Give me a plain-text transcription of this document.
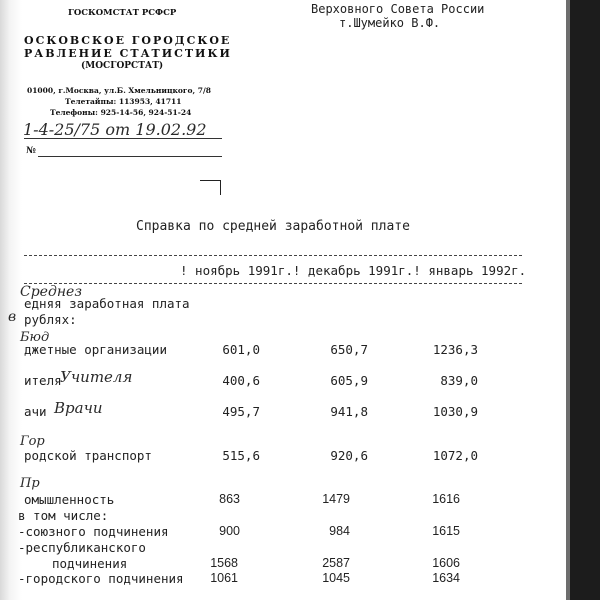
ГОСКОМСТАТ РСФСР
ОСКОВСКОЕ ГОРОДСКОЕ
РАВЛЕНИЕ СТАТИСТИКИ
(МОСГОРСТАТ)
01000, г.Москва, ул.Б. Хмельницкого, 7/8
Телетайпы: 113953, 41711
Телефоны: 925-14-56, 924-51-24
1-4-25/75 от 19.02.92
№
Верховного Совета России
т.Шумейко В.Ф.
Справка по средней заработной плате
! ноябрь 1991г.! декабрь 1991г.! январь 1992г.
Среднез
едняя заработная плата
в рублях:
Бюд
джетные организации	601,0	650,7	1236,3
ителя
Учителя	400,6	605,9	839,0
ачи Врачи	495,7	941,8	1030,9
Гор
родской транспорт	515,6	920,6	1072,0
Пр
омышленность	863	1479	1616
в том числе:
-союзного подчинения	900	984	1615
-республиканского
подчинения	1568	2587	1606
-городского подчинения	1061	1045	1634
